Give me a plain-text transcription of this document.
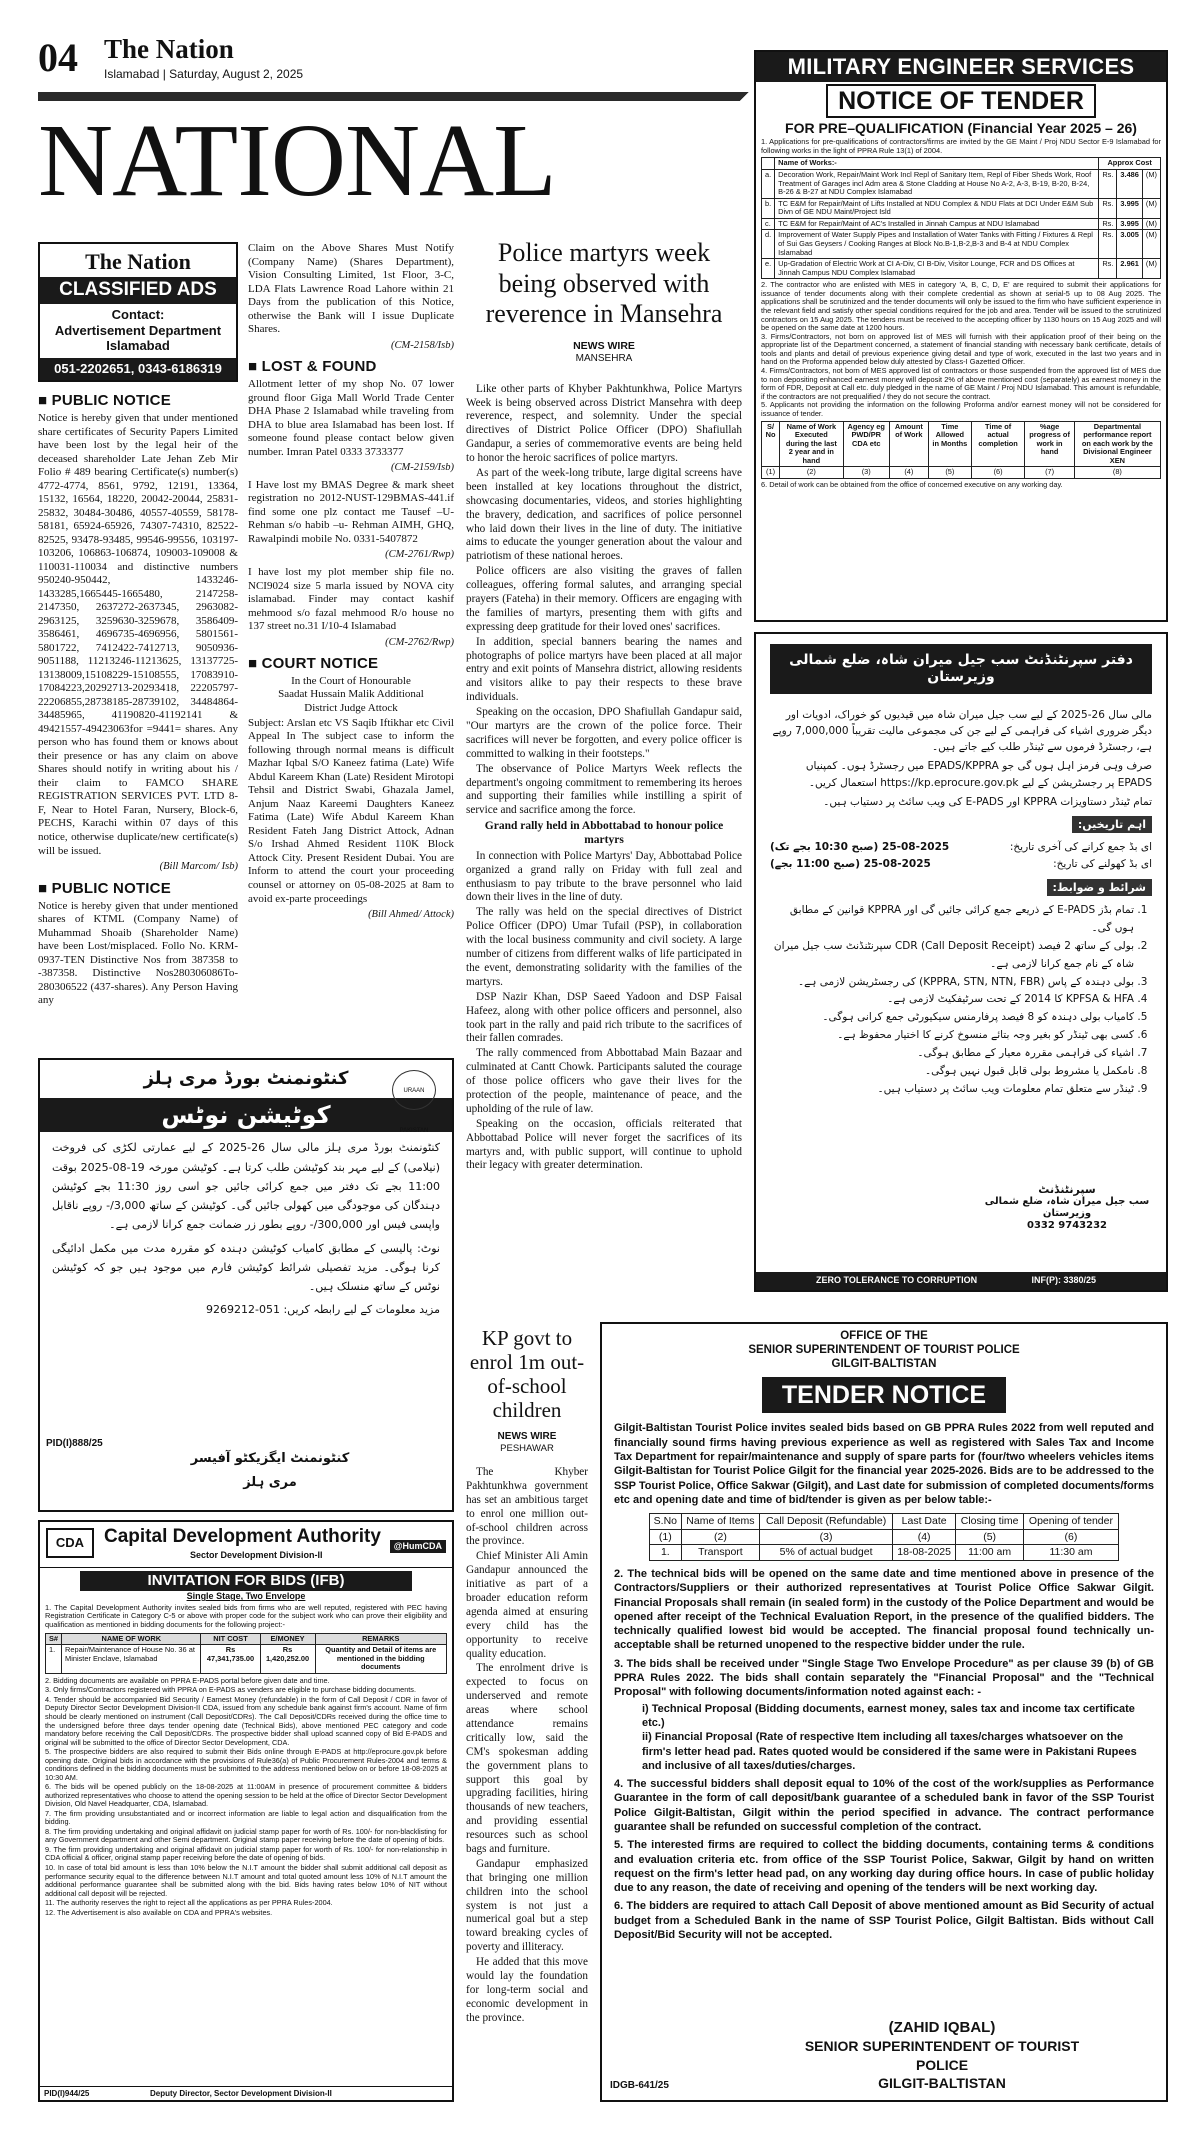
04 The Nation
Islamabad | Saturday, August 2, 2025
NATIONAL
The Nation
CLASSIFIED ADS
Contact:
Advertisement Department
Islamabad
051-2202651, 0343-6186319
■ PUBLIC NOTICE
Notice is hereby given that under mentioned share certificates of Security Papers Limited have been lost by the legal heir of the deceased shareholder Late Jehan Zeb Mir Folio # 489 bearing Certificate(s) number(s) 4772-4774, 8561, 9792, 12191, 13364, 15132, 16564, 18220, 20042-20044, 25831-25832, 30484-30486, 40557-40559, 58178-58181, 65924-65926, 74307-74310, 82522-82525, 93478-93485, 99546-99556, 103197-103206, 106863-106874, 109003-109008 & 110031-110034 and distinctive numbers 950240-950442, 1433246-1433285,1665445-1665480, 2147258-2147350, 2637272-2637345, 2963082-2963125, 3259630-3259678, 3586409-3586461, 4696735-4696956, 5801561-5801722, 7412422-7412713, 9050936-9051188, 11213246-11213625, 13137725-13138009,15108229-15108555, 17083910-17084223,20292713-20293418, 22205797-22206855,28738185-28739102, 34484864-34485965, 41190820-41192141 & 49421557-49423063for =9441= shares. Any person who has found them or knows about their presence or has any claim on above Shares should notify in writing about his / their claim to FAMCO SHARE REGISTRATION SERVICES PVT. LTD 8-F, Near to Hotel Faran, Nursery, Block-6, PECHS, Karachi within 07 days of this notice, otherwise duplicate/new certificate(s) will be issued.
(Bill Marcom/ Isb)
■ PUBLIC NOTICE
Notice is hereby given that under mentioned shares of KTML (Company Name) of Muhammad Shoaib (Shareholder Name) have been Lost/misplaced. Follo No. KRM-0937-TEN Distinctive Nos from 387358 to -387358. Distinctive Nos280306086To-280306522 (437-shares). Any Person Having any
Claim on the Above Shares Must Notify (Company Name) (Shares Department), Vision Consulting Limited, 1st Floor, 3-C, LDA Flats Lawrence Road Lahore within 21 Days from the publication of this Notice, otherwise the Bank will I issue Duplicate Shares.
(CM-2158/Isb)
■ LOST & FOUND
Allotment letter of my shop No. 07 lower ground floor Giga Mall World Trade Center DHA Phase 2 Islamabad while traveling from DHA to blue area Islamabad has been lost. If someone found please contact below given number. Imran Patel 0333 3733377
(CM-2159/Isb)
I Have lost my BMAS Degree & mark sheet registration no 2012-NUST-129BMAS-441.if find some one plz contact me Tausef –U-Rehman s/o habib –u- Rehman AIMH, GHQ, Rawalpindi mobile No. 0331-5407872
(CM-2761/Rwp)
I have lost my plot member ship file no. NCI9024 size 5 marla issued by NOVA city islamabad. Finder may contact kashif mehmood s/o fazal mehmood R/o house no 137 street no.31 I/10-4 Islamabad
(CM-2762/Rwp)
■ COURT NOTICE
In the Court of Honourable
Saadat Hussain Malik Additional
District Judge Attock
Subject: Arslan etc VS Saqib Iftikhar etc Civil Appeal In The subject case to inform the following through normal means is difficult Mazhar Iqbal S/O Kaneez fatima (Late) Wife Abdul Kareem Khan (Late) Resident Mirotopi Tehsil and District Swabi, Ghazala Jamel, Anjum Naaz Kareemi Daughters Kaneez Fatima (Late) Wife Abdul Kareem Khan Resident Fateh Jang District Attock, Adnan S/o Irshad Ahmed Resident 110K Block Attock City. Present Resident Dubai. You are Inform to attend the court your proceeding counsel or attorney on 05-08-2025 at 8am to avoid ex-parte proceedings
(Bill Ahmed/ Attock)
Police martyrs week being observed with reverence in Mansehra
NEWS WIRE
MANSEHRA
Like other parts of Khyber Pakhtunkhwa, Police Martyrs Week is being observed across District Mansehra with deep reverence, respect, and solemnity. Under the special directives of District Police Officer (DPO) Shafiullah Gandapur, a series of commemorative events are being held to honor the heroic sacrifices of police martyrs.
As part of the week-long tribute, large digital screens have been installed at key locations throughout the district, showcasing documentaries, videos, and stories highlighting the bravery, dedication, and sacrifices of police personnel who laid down their lives in the line of duty. The initiative aims to educate the younger generation about the valour and patriotism of these national heroes.
Police officers are also visiting the graves of fallen colleagues, offering formal salutes, and arranging special prayers (Fateha) in their memory. Officers are engaging with the families of martyrs, presenting them with gifts and expressing deep gratitude for their loved ones' sacrifices.
In addition, special banners bearing the names and photographs of police martyrs have been placed at all major entry and exit points of Mansehra district, allowing residents and visitors alike to pay their respects to these brave individuals.
Speaking on the occasion, DPO Shafiullah Gandapur said, "Our martyrs are the crown of the police force. Their sacrifices will never be forgotten, and every police officer is committed to walking in their footsteps."
The observance of Police Martyrs Week reflects the department's ongoing commitment to remembering its heroes and supporting their families while instilling a spirit of service and sacrifice among the force.
Grand rally held in Abbottabad to honour police martyrs
In connection with Police Martyrs' Day, Abbottabad Police organized a grand rally on Friday with full zeal and enthusiasm to pay tribute to the brave personnel who laid down their lives in the line of duty.
The rally was held on the special directives of District Police Officer (DPO) Umar Tufail (PSP), in collaboration with the local business community and civil society. A large number of citizens from different walks of life participated in the event, demonstrating solidarity with the families of the martyrs.
DSP Nazir Khan, DSP Saeed Yadoon and DSP Faisal Hafeez, along with other police officers and personnel, also took part in the rally and paid rich tribute to the sacrifices of their fallen comrades.
The rally commenced from Abbottabad Main Bazaar and culminated at Cantt Chowk. Participants saluted the courage of those police officers who gave their lives for the protection of the people, maintenance of peace, and the upholding of the rule of law.
Speaking on the occasion, officials reiterated that Abbottabad Police will never forget the sacrifices of its martyrs and, with public support, will continue to uphold their legacy with greater determination.
MILITARY ENGINEER SERVICES
NOTICE OF TENDER
FOR PRE–QUALIFICATION (Financial Year 2025 – 26)
1. Applications for pre-qualifications of contractors/firms are invited by the GE Maint / Proj NDU Sector E-9 Islamabad for following works in the light of PPRA Rule 13(1) of 2004.
	Name of Works:-	Approx Cost		
a.	Decoration Work, Repair/Maint Work Incl Repl of Sanitary Item, Repl of Fiber Sheds Work, Roof Treatment of Garages incl Adm area & Stone Cladding at House No A-2, A-3, B-19, B-20, B-24, B-26 & B-27 at NDU Complex Islamabad	Rs.	3.486	(M)
b.	TC E&M for Repair/Maint of Lifts Installed at NDU Complex & NDU Flats at DCI Under E&M Sub Divn of GE NDU Maint/Project Isld	Rs.	3.995	(M)
c.	TC E&M for Repair/Maint of AC's Installed in Jinnah Campus at NDU Islamabad	Rs.	3.995	(M)
d.	Improvement of Water Supply Pipes and Installation of Water Tanks with Fitting / Fixtures & Repl of Sui Gas Geysers / Cooking Ranges at Block No.B-1,B-2,B-3 and B-4 at NDU Complex Islamabad	Rs.	3.005	(M)
e.	Up-Gradation of Electric Work at CI A-Div, CI B-Div, Visitor Lounge, FCR and DS Offices at Jinnah Campus NDU Complex Islamabad	Rs.	2.961	(M)
2. The contractor who are enlisted with MES in category 'A, B, C, D, E' are required to submit their applications for issuance of tender documents along with their complete credential as shown at serial-5 up to 08 Aug 2025. The applications shall be scrutinized and the tender documents will only be issued to the firm who have sufficient experience in the relevant field and satisfy other special conditions required for the job and area. Tender will be issued to the scrutinized contractors on 15 Aug 2025. The tenders must be received to the accepting officer by 1130 hours on 15 Aug 2025 and will be opened on the same date at 1200 hours.
3. Firms/Contractors, not born on approved list of MES will furnish with their application proof of their being on the appropriate list of the Department concerned, a statement of financial standing with necessary bank certificate, details of tools and plants and detail of previous experience giving detail and type of work, executed in the last two years and in hand on the Proforma appended below duly attested by Class-I Gazetted Officer.
4. Firms/Contractors, not born of MES approved list of contractors or those suspended from the approved list of MES due to non depositing enhanced earnest money will deposit 2% of above mentioned cost (separately) as earnest money in the form of FDR, Deposit at Call etc. duly pledged in the name of GE Maint / Proj NDU Islamabad. This amount is refundable, if the contractors are not prequalified / they do not secure the contract.
5. Applicants not providing the information on the following Proforma and/or earnest money will not be considered for issuance of tender.
S/ No	Name of Work Executed during the last 2 year and in hand	Agency eg PWD/PR CDA etc	Amount of Work	Time Allowed in Months	Time of actual completion	%age progress of work in hand	Departmental performance report on each work by the Divisional Engineer XEN
(1)	(2)	(3)	(4)	(5)	(6)	(7)	(8)
6. Detail of work can be obtained from the office of concerned executive on any working day.
دفتر سپرنٹنڈنٹ سب جیل میران شاہ، ضلع شمالی وزیرستان
مالی سال 26-2025 کے لیے سب جیل میران شاہ میں قیدیوں کو خوراک، ادویات اور دیگر ضروری اشیاء کی فراہمی کے لیے جن کی مجموعی مالیت تقریباً 7,000,000 روپے ہے، رجسٹرڈ فرموں سے ٹینڈر طلب کیے جاتے ہیں۔
صرف وہی فرمز اہل ہوں گی جو EPADS/KPPRA میں رجسٹرڈ ہوں۔ کمپنیاں EPADS پر رجسٹریشن کے لیے https://kp.eprocure.gov.pk استعمال کریں۔
تمام ٹینڈر دستاویزات KPPRA اور E-PADS کی ویب سائٹ پر دستیاب ہیں۔
اہم تاریخیں:
ای بڈ جمع کرانے کی آخری تاریخ:
25-08-2025 (صبح 10:30 بجے تک)
ای بڈ کھولنے کی تاریخ:
25-08-2025 (صبح 11:00 بجے)
شرائط و ضوابط:
1. تمام بڈز E-PADS کے ذریعے جمع کرائی جائیں گی اور KPPRA قوانین کے مطابق ہوں گی۔
2. بولی کے ساتھ 2 فیصد CDR (Call Deposit Receipt) سپرنٹنڈنٹ سب جیل میران شاہ کے نام جمع کرانا لازمی ہے۔
3. بولی دہندہ کے پاس (KPPRA, STN, NTN, FBR) کی رجسٹریشن لازمی ہے۔
4. KPFSA & HFA کا 2014 کے تحت سرٹیفکیٹ لازمی ہے۔
5. کامیاب بولی دہندہ کو 8 فیصد پرفارمنس سیکیورٹی جمع کرانی ہوگی۔
6. کسی بھی ٹینڈر کو بغیر وجہ بتائے منسوخ کرنے کا اختیار محفوظ ہے۔
7. اشیاء کی فراہمی مقررہ معیار کے مطابق ہوگی۔
8. نامکمل یا مشروط بولی قابل قبول نہیں ہوگی۔
9. ٹینڈر سے متعلق تمام معلومات ویب سائٹ پر دستیاب ہیں۔
سپرنٹنڈنٹ
سب جیل میران شاہ، ضلع شمالی وزیرستان
0332 9743232
ZERO TOLERANCE TO CORRUPTION	INF(P): 3380/25
کنٹونمنٹ بورڈ مری ہلز
URAAN PAKISTAN
کوٹیشن نوٹس
کنٹونمنٹ بورڈ مری ہلز مالی سال 26-2025 کے لیے عمارتی لکڑی کی فروخت (نیلامی) کے لیے مہر بند کوٹیشن طلب کرتا ہے۔ کوٹیشن مورخہ 19-08-2025 بوقت 11:00 بجے تک دفتر میں جمع کرائی جائیں جو اسی روز 11:30 بجے کوٹیشن دہندگان کی موجودگی میں کھولی جائیں گی۔ کوٹیشن کے ساتھ 3,000/- روپے ناقابل واپسی فیس اور 300,000/- روپے بطور زر ضمانت جمع کرانا لازمی ہے۔
نوٹ: پالیسی کے مطابق کامیاب کوٹیشن دہندہ کو مقررہ مدت میں مکمل ادائیگی کرنا ہوگی۔ مزید تفصیلی شرائط کوٹیشن فارم میں موجود ہیں جو کہ کوٹیشن نوٹس کے ساتھ منسلک ہیں۔
مزید معلومات کے لیے رابطہ کریں: 051-9269212
PID(I)888/25
کنٹونمنٹ ایگزیکٹو آفیسر
مری ہلز
CDA	Capital Development Authority
Sector Development Division-II
@HumCDA
INVITATION FOR BIDS (IFB)
Single Stage, Two Envelope
1. The Capital Development Authority invites sealed bids from firms who are well reputed, registered with PEC having Registration Certificate in Category C-5 or above with proper code for the subject work who can prove their eligibility and qualification as mentioned in bidding documents for the following project:-
S#	NAME OF WORK	NIT COST	E/MONEY	REMARKS
1.	Repair/Maintenance of House No. 36 at Minister Enclave, Islamabad	Rs 47,341,735.00	Rs 1,420,252.00	Quantity and Detail of items are mentioned in the bidding documents
2. Bidding documents are available on PPRA E-PADS portal before given date and time.
3. Only firms/Contractors registered with PPRA on E-PADS as venders are eligible to purchase bidding documents.
4. Tender should be accompanied Bid Security / Earnest Money (refundable) in the form of Call Deposit / CDR in favor of Deputy Director Sector Development Division-II CDA, issued from any schedule bank against firm's account. Name of firm should be clearly mentioned on instrument (Call Deposit/CDRs). The Call Deposit/CDRs received during the office time to the undersigned before three days tender opening date (Technical Bids), above mentioned PEC category and code mandatory before receiving the Call Deposit/CDRs. The prospective bidder shall upload scanned copy of Bid E-PADS and original will be submitted to the office of Director Sector Development, CDA.
5. The prospective bidders are also required to submit their Bids online through E-PADS at http://eprocure.gov.pk before opening date. Original bids in accordance with the provisions of Rule36(a) of Public Procurement Rules-2004 and terms & conditions defined in the bidding documents must be submitted to the address mentioned below on or before 18-08-2025 at 10:30 AM.
6. The bids will be opened publicly on the 18-08-2025 at 11:00AM in presence of procurement committee & bidders authorized representatives who choose to attend the opening session to be held at the office of Director Sector Development Division, Old Navel Headquarter, CDA, Islamabad.
7. The firm providing unsubstantiated and or incorrect information are liable to legal action and disqualification from the bidding.
8. The firm providing undertaking and original affidavit on judicial stamp paper for worth of Rs. 100/- for non-blacklisting for any Government department and other Semi department. Original stamp paper receiving before the date of opening of bids.
9. The firm providing undertaking and original affidavit on judicial stamp paper for worth of Rs. 100/- for non-relationship in CDA official & officer, original stamp paper receiving before the date of opening of bids.
10. In case of total bid amount is less than 10% below the N.I.T amount the bidder shall submit additional call deposit as performance security equal to the difference between N.I.T amount and total quoted amount less 10% of N.I.T amount the additional performance guarantee shall be submitted along with the bid. Bids having rates below 10% of NIT without additional call deposit will be rejected.
11. The authority reserves the right to reject all the applications as per PPRA Rules-2004.
12. The Advertisement is also available on CDA and PPRA's websites.
PID(I)944/25	Deputy Director, Sector Development Division-II
KP govt to enrol 1m out-of-school children
NEWS WIRE
PESHAWAR
The Khyber Pakhtunkhwa government has set an ambitious target to enrol one million out-of-school children across the province.
Chief Minister Ali Amin Gandapur announced the initiative as part of a broader education reform agenda aimed at ensuring every child has the opportunity to receive quality education.
The enrolment drive is expected to focus on underserved and remote areas where school attendance remains critically low, said the CM's spokesman adding the government plans to support this goal by upgrading facilities, hiring thousands of new teachers, and providing essential resources such as school bags and furniture.
Gandapur emphasized that bringing one million children into the school system is not just a numerical goal but a step toward breaking cycles of poverty and illiteracy.
He added that this move would lay the foundation for long-term social and economic development in the province.
OFFICE OF THE
SENIOR SUPERINTENDENT OF TOURIST POLICE
GILGIT-BALTISTAN
TENDER NOTICE
Gilgit-Baltistan Tourist Police invites sealed bids based on GB PPRA Rules 2022 from well reputed and financially sound firms having previous experience as well as registered with Sales Tax and Income Tax Department for repair/maintenance and supply of spare parts for (four/two wheelers vehicles items Gilgit-Baltistan for Tourist Police Gilgit for the financial year 2025-2026. Bids are to be addressed to the SSP Tourist Police, Office Sakwar (Gilgit), and Last date for submission of completed documents/forms etc and opening date and time of bid/tender is given as per below table:-
S.No	Name of Items	Call Deposit (Refundable)	Last Date	Closing time	Opening of tender
(1)	(2)	(3)	(4)	(5)	(6)
1.	Transport	5% of actual budget	18-08-2025	11:00 am	11:30 am
2. The technical bids will be opened on the same date and time mentioned above in presence of the Contractors/Suppliers or their authorized representatives at Tourist Police Office Sakwar Gilgit. Financial Proposals shall remain (in sealed form) in the custody of the Police Department and would be opened after receipt of the Technical Evaluation Report, in the presence of the qualified bidders. The technically qualified lowest bid would be accepted. The financial proposal found technically un-acceptable shall be returned unopened to the respective bidder under the rule.
3. The bids shall be received under "Single Stage Two Envelope Procedure" as per clause 39 (b) of GB PPRA Rules 2022. The bids shall contain separately the "Financial Proposal" and the "Technical Proposal" with following documents/information noted against each: -
i) Technical Proposal (Bidding documents, earnest money, sales tax and income tax certificate etc.)
ii) Financial Proposal (Rate of respective Item including all taxes/charges whatsoever on the firm's letter head pad. Rates quoted would be considered if the same were in Pakistani Rupees and inclusive of all taxes/duties/charges.
4. The successful bidders shall deposit equal to 10% of the cost of the work/supplies as Performance Guarantee in the form of call deposit/bank guarantee of a scheduled bank in favor of the SSP Tourist Police Gilgit-Baltistan, Gilgit within the period specified in advance. The contract performance guarantee shall be refunded on successful completion of the contract.
5. The interested firms are required to collect the bidding documents, containing terms & conditions and evaluation criteria etc. from office of the SSP Tourist Police, Sakwar, Gilgit by hand on written request on the firm's letter head pad, on any working day during office hours. In case of public holiday due to any reason, the date of receiving and opening of the tenders will be next working day.
6. The bidders are required to attach Call Deposit of above mentioned amount as Bid Security of actual budget from a Scheduled Bank in the name of SSP Tourist Police, Gilgit Baltistan. Bids without Call Deposit/Bid Security will not be accepted.
(ZAHID IQBAL)
SENIOR SUPERINTENDENT OF TOURIST POLICE
GILGIT-BALTISTAN
IDGB-641/25
